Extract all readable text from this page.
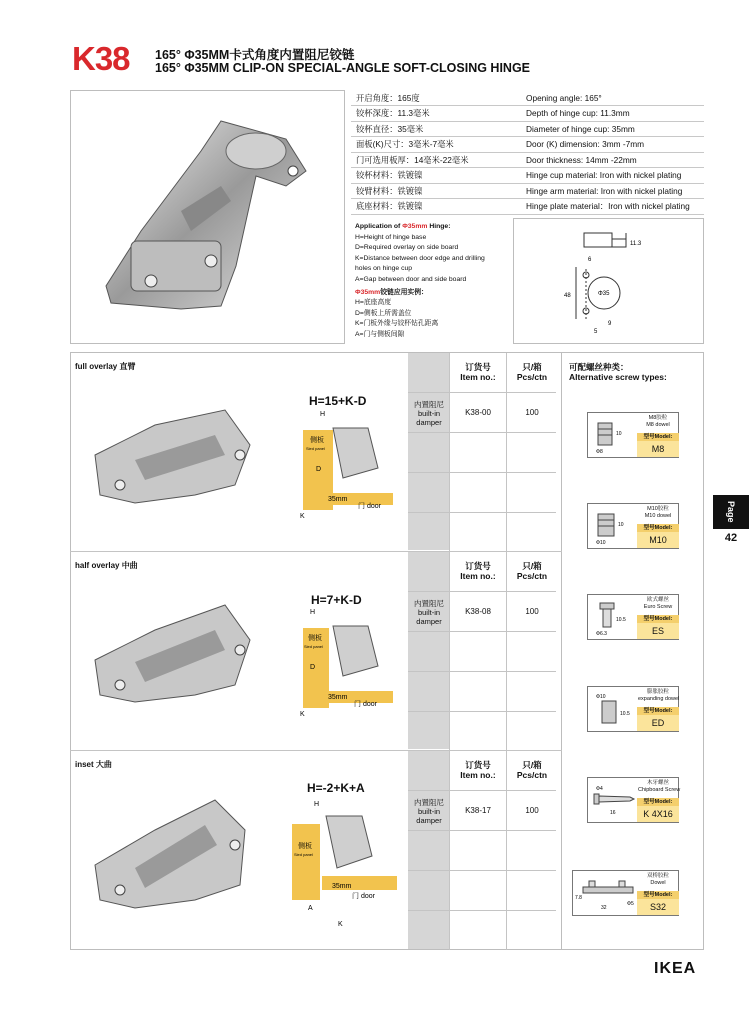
K38 165° Φ35MM卡式角度内置阻尼铰链
165° Φ35MM CLIP-ON SPECIAL-ANGLE SOFT-CLOSING HINGE
开启角度：165度	Opening angle: 165°
铰杯深度：11.3毫米	Depth of hinge cup: 11.3mm
铰杯直径：35毫米	Diameter of hinge cup: 35mm
面板(K)尺寸：3毫米-7毫米	Door (K) dimension: 3mm -7mm
门可选用板厚：14毫米-22毫米	Door thickness: 14mm -22mm
铰杯材料：铁镀镍	Hinge cup material: Iron with nickel plating
铰臂材料：铁镀镍	Hinge arm material: Iron with nickel plating
底座材料：铁镀镍	Hinge plate material：Iron with nickel plating
Application of Φ35mm Hinge:
H=Height of hinge base
D=Required overlay on side board
K=Distance between door edge and drilling
holes on hinge cup
A=Gap between door and side board
Φ35mm铰链应用实例：
H=底座高度
D=侧板上所需盖位
K=门板外缘与铰杯钻孔距离
A=门与侧板间隙
11.3
6
48	Φ35
9
5
full overlay 直臂
H=15+K-D
H
侧板
Sied panel
D
35mm
门 door
K
订货号
Item no.:
只/箱
Pcs/ctn
内置阻尼
built-in
damper
K38-00	100
half overlay 中曲
H=7+K-D
H
侧板
Sied panel
D
35mm
门 door
K
订货号
Item no.:
只/箱
Pcs/ctn
内置阻尼
built-in
damper
K38-08	100
inset 大曲
H=-2+K+A
H
侧板
Sied panel
35mm
门 door
A
K
订货号
Item no.:
只/箱
Pcs/ctn
内置阻尼
built-in
damper
K38-17	100
可配螺丝种类：
Alternative screw types:
10
Φ8
M8胶粒
M8 dowel
型号Model:
M8
10
Φ10
M10胶粒
M10 dowel
型号Model:
M10
10.5
Φ6.3
欧式螺丝
Euro Screw
型号Model:
ES
Φ10
10.5
膨胀胶粒
expanding dowel
型号Model:
ED
Φ4
16
木牙螺丝
Chipboard Screw
型号Model:
K 4X16
7.8
32
Φ5
双桥胶粒
Dowel
型号Model:
S32
Page
42
IKEA
